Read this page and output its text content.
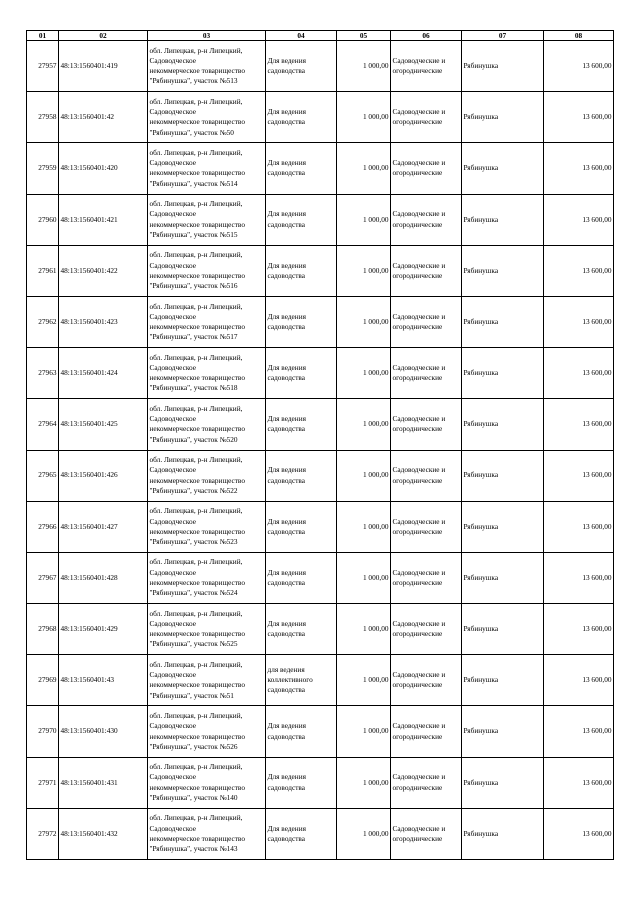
01	02	03	04	05	06	07	08
27957	48:13:1560401:419	обл. Липецкая, р-н Липецкий,
Садоводческое
некоммерческое товарищество
"Рябинушка", участок №513	Для ведения
садоводства	1 000,00	Садоводческие и
огороднические	Рябинушка	13 600,00
27958	48:13:1560401:42	обл. Липецкая, р-н Липецкий,
Садоводческое
некоммерческое товарищество
"Рябинушка", участок №50	Для ведения
садоводства	1 000,00	Садоводческие и
огороднические	Рябинушка	13 600,00
27959	48:13:1560401:420	обл. Липецкая, р-н Липецкий,
Садоводческое
некоммерческое товарищество
"Рябинушка", участок №514	Для ведения
садоводства	1 000,00	Садоводческие и
огороднические	Рябинушка	13 600,00
27960	48:13:1560401:421	обл. Липецкая, р-н Липецкий,
Садоводческое
некоммерческое товарищество
"Рябинушка", участок №515	Для ведения
садоводства	1 000,00	Садоводческие и
огороднические	Рябинушка	13 600,00
27961	48:13:1560401:422	обл. Липецкая, р-н Липецкий,
Садоводческое
некоммерческое товарищество
"Рябинушка", участок №516	Для ведения
садоводства	1 000,00	Садоводческие и
огороднические	Рябинушка	13 600,00
27962	48:13:1560401:423	обл. Липецкая, р-н Липецкий,
Садоводческое
некоммерческое товарищество
"Рябинушка", участок №517	Для ведения
садоводства	1 000,00	Садоводческие и
огороднические	Рябинушка	13 600,00
27963	48:13:1560401:424	обл. Липецкая, р-н Липецкий,
Садоводческое
некоммерческое товарищество
"Рябинушка", участок №518	Для ведения
садоводства	1 000,00	Садоводческие и
огороднические	Рябинушка	13 600,00
27964	48:13:1560401:425	обл. Липецкая, р-н Липецкий,
Садоводческое
некоммерческое товарищество
"Рябинушка", участок №520	Для ведения
садоводства	1 000,00	Садоводческие и
огороднические	Рябинушка	13 600,00
27965	48:13:1560401:426	обл. Липецкая, р-н Липецкий,
Садоводческое
некоммерческое товарищество
"Рябинушка", участок №522	Для ведения
садоводства	1 000,00	Садоводческие и
огороднические	Рябинушка	13 600,00
27966	48:13:1560401:427	обл. Липецкая, р-н Липецкий,
Садоводческое
некоммерческое товарищество
"Рябинушка", участок №523	Для ведения
садоводства	1 000,00	Садоводческие и
огороднические	Рябинушка	13 600,00
27967	48:13:1560401:428	обл. Липецкая, р-н Липецкий,
Садоводческое
некоммерческое товарищество
"Рябинушка", участок №524	Для ведения
садоводства	1 000,00	Садоводческие и
огороднические	Рябинушка	13 600,00
27968	48:13:1560401:429	обл. Липецкая, р-н Липецкий,
Садоводческое
некоммерческое товарищество
"Рябинушка", участок №525	Для ведения
садоводства	1 000,00	Садоводческие и
огороднические	Рябинушка	13 600,00
27969	48:13:1560401:43	обл. Липецкая, р-н Липецкий,
Садоводческое
некоммерческое товарищество
"Рябинушка", участок №51	для ведения
коллективного
садоводства	1 000,00	Садоводческие и
огороднические	Рябинушка	13 600,00
27970	48:13:1560401:430	обл. Липецкая, р-н Липецкий,
Садоводческое
некоммерческое товарищество
"Рябинушка", участок №526	Для ведения
садоводства	1 000,00	Садоводческие и
огороднические	Рябинушка	13 600,00
27971	48:13:1560401:431	обл. Липецкая, р-н Липецкий,
Садоводческое
некоммерческое товарищество
"Рябинушка", участок №140	Для ведения
садоводства	1 000,00	Садоводческие и
огороднические	Рябинушка	13 600,00
27972	48:13:1560401:432	обл. Липецкая, р-н Липецкий,
Садоводческое
некоммерческое товарищество
"Рябинушка", участок №143	Для ведения
садоводства	1 000,00	Садоводческие и
огороднические	Рябинушка	13 600,00
